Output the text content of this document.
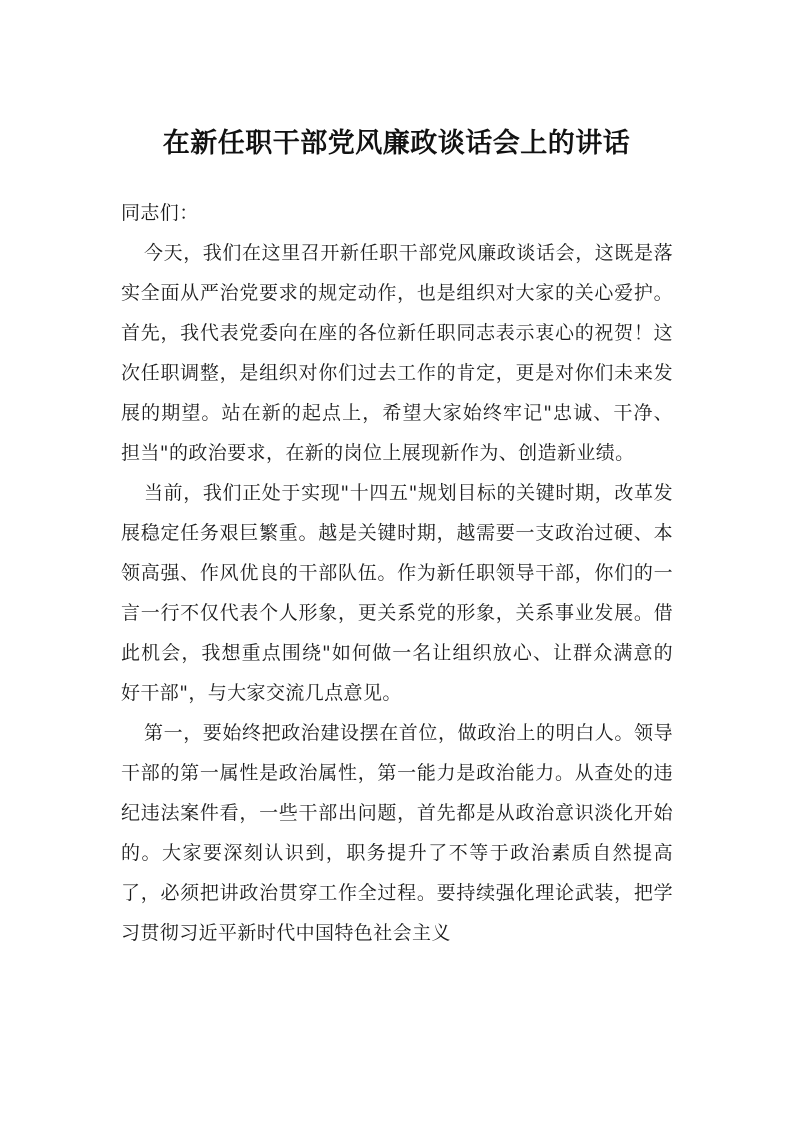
在新任职干部党风廉政谈话会上的讲话

同志们：

今天，我们在这里召开新任职干部党风廉政谈话会，这既是落实全面从严治党要求的规定动作，也是组织对大家的关心爱护。首先，我代表党委向在座的各位新任职同志表示衷心的祝贺！这次任职调整，是组织对你们过去工作的肯定，更是对你们未来发展的期望。站在新的起点上，希望大家始终牢记"忠诚、干净、担当"的政治要求，在新的岗位上展现新作为、创造新业绩。

当前，我们正处于实现"十四五"规划目标的关键时期，改革发展稳定任务艰巨繁重。越是关键时期，越需要一支政治过硬、本领高强、作风优良的干部队伍。作为新任职领导干部，你们的一言一行不仅代表个人形象，更关系党的形象，关系事业发展。借此机会，我想重点围绕"如何做一名让组织放心、让群众满意的好干部"，与大家交流几点意见。

第一，要始终把政治建设摆在首位，做政治上的明白人。领导干部的第一属性是政治属性，第一能力是政治能力。从查处的违纪违法案件看，一些干部出问题，首先都是从政治意识淡化开始的。大家要深刻认识到，职务提升了不等于政治素质自然提高了，必须把讲政治贯穿工作全过程。要持续强化理论武装，把学习贯彻习近平新时代中国特色社会主义
